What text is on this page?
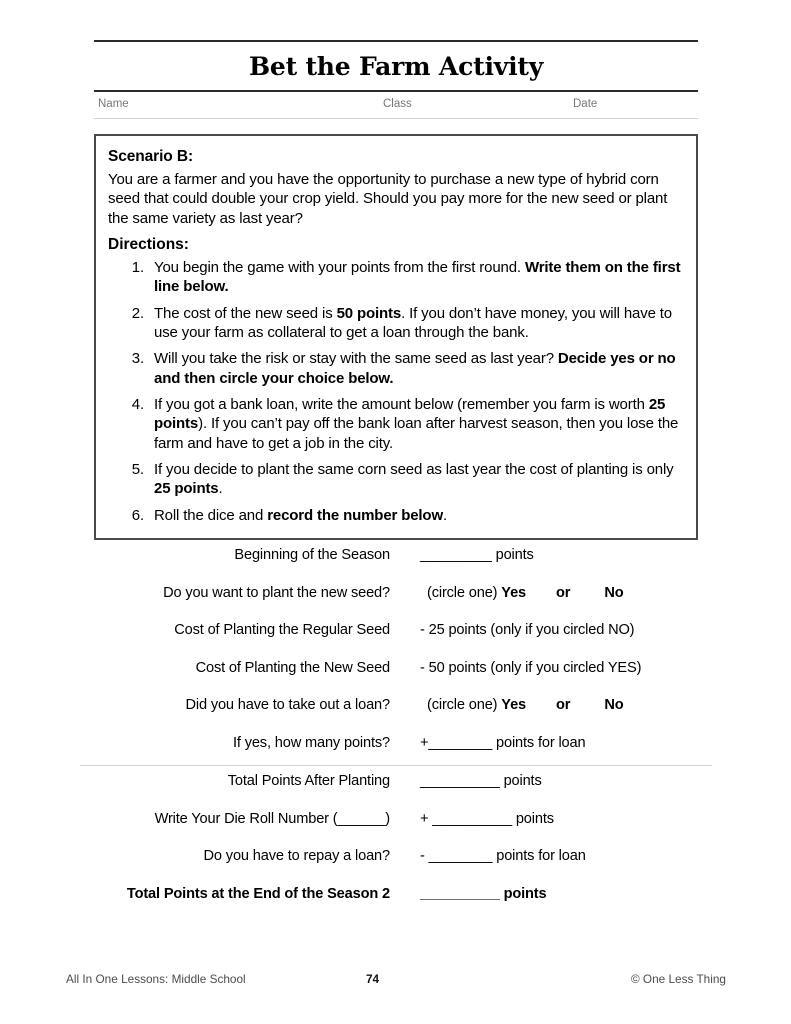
Bet the Farm Activity
Name	Class	Date
Scenario B:

You are a farmer and you have the opportunity to purchase a new type of hybrid corn seed that could double your crop yield. Should you pay more for the new seed or plant the same variety as last year?

Directions:
1. You begin the game with your points from the first round. Write them on the first line below.
2. The cost of the new seed is 50 points. If you don’t have money, you will have to use your farm as collateral to get a loan through the bank.
3. Will you take the risk or stay with the same seed as last year? Decide yes or no and then circle your choice below.
4. If you got a bank loan, write the amount below (remember you farm is worth 25 points). If you can’t pay off the bank loan after harvest season, then you lose the farm and have to get a job in the city.
5. If you decide to plant the same corn seed as last year the cost of planting is only 25 points.
6. Roll the dice and record the number below.
Beginning of the Season _________ points
Do you want to plant the new seed?	(circle one) Yes or No
Cost of Planting the Regular Seed - 25 points (only if you circled NO)
Cost of Planting the New Seed - 50 points (only if you circled YES)
Did you have to take out a loan?	(circle one) Yes or No
If yes, how many points? +________ points for loan
Total Points After Planting __________ points
Write Your Die Roll Number (______) + __________ points
Do you have to repay a loan? - ________ points for loan
Total Points at the End of the Season 2 __________ points
All In One Lessons: Middle School	74	© One Less Thing
